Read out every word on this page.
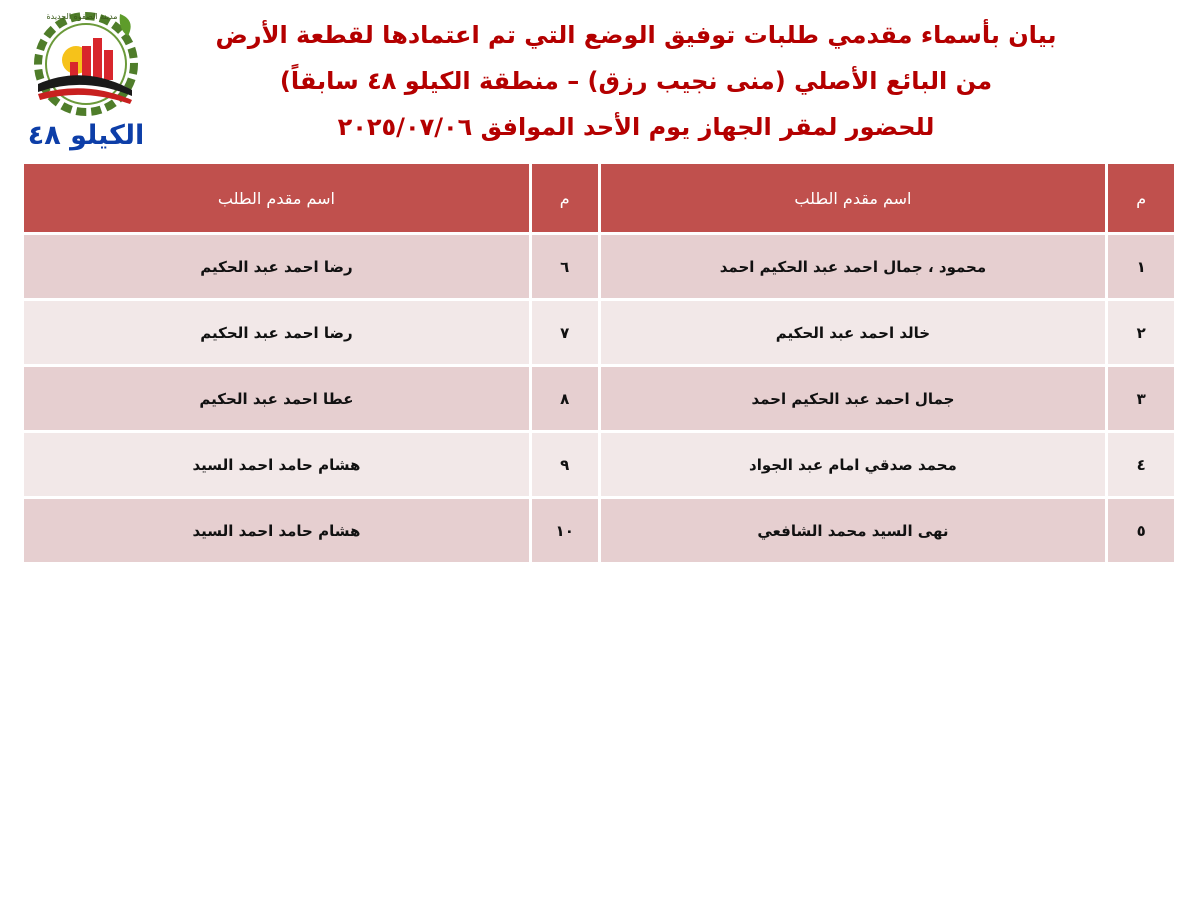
مدينة الصفوة الجديدة
الكيلو ٤٨
بيان بأسماء مقدمي طلبات توفيق الوضع التي تم اعتمادها لقطعة الأرض
من البائع الأصلي (منى نجيب رزق) – منطقة الكيلو ٤٨ سابقاً)
للحضور لمقر الجهاز يوم الأحد الموافق ٢٠٢٥/٠٧/٠٦
م	اسم مقدم الطلب	م	اسم مقدم الطلب
١	محمود ، جمال احمد عبد الحكيم احمد	٦	رضا احمد عبد الحكيم
٢	خالد احمد عبد الحكيم	٧	رضا احمد عبد الحكيم
٣	جمال احمد عبد الحكيم احمد	٨	عطا احمد عبد الحكيم
٤	محمد صدقي امام عبد الجواد	٩	هشام حامد احمد السيد
٥	نهى السيد محمد الشافعي	١٠	هشام حامد احمد السيد
